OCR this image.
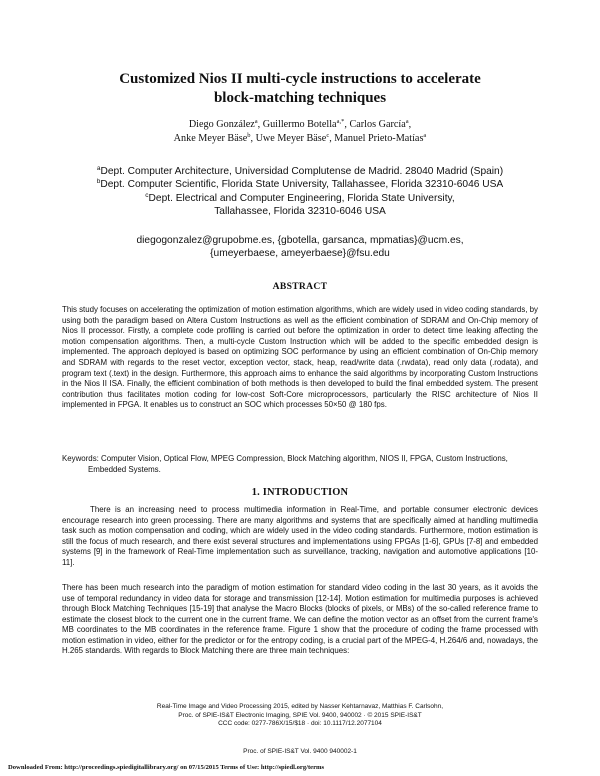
Customized Nios II multi-cycle instructions to accelerate
block-matching techniques
Diego González$^a$, Guillermo Botella$^{a,*}$, Carlos García$^a$,
Anke Meyer Bäse$^b$, Uwe Meyer Bäse$^c$, Manuel Prieto-Matías$^a$
$^a$Dept. Computer Architecture, Universidad Complutense de Madrid. 28040 Madrid (Spain)
$^b$Dept. Computer Scientific, Florida State University, Tallahassee, Florida 32310-6046 USA
$^c$Dept. Electrical and Computer Engineering, Florida State University,
Tallahassee, Florida 32310-6046 USA
diegogonzalez@grupobme.es, {gbotella, garsanca, mpmatias}@ucm.es,
{umeyerbaese, ameyerbaese}@fsu.edu
ABSTRACT
This study focuses on accelerating the optimization of motion estimation algorithms, which are widely used in video coding standards, by using both the paradigm based on Altera Custom Instructions as well as the efficient combination of SDRAM and On-Chip memory of Nios II processor. Firstly, a complete code profiling is carried out before the optimization in order to detect time leaking affecting the motion compensation algorithms. Then, a multi-cycle Custom Instruction which will be added to the specific embedded design is implemented. The approach deployed is based on optimizing SOC performance by using an efficient combination of On-Chip memory and SDRAM with regards to the reset vector, exception vector, stack, heap, read/write data (.rwdata), read only data (.rodata), and program text (.text) in the design. Furthermore, this approach aims to enhance the said algorithms by incorporating Custom Instructions in the Nios II ISA. Finally, the efficient combination of both methods is then developed to build the final embedded system. The present contribution thus facilitates motion coding for low-cost Soft-Core microprocessors, particularly the RISC architecture of Nios II implemented in FPGA. It enables us to construct an SOC which processes 50×50 @ 180 fps.
Keywords: Computer Vision, Optical Flow, MPEG Compression, Block Matching algorithm, NIOS II, FPGA, Custom Instructions, Embedded Systems.
1. INTRODUCTION
There is an increasing need to process multimedia information in Real-Time, and portable consumer electronic devices encourage research into green processing. There are many algorithms and systems that are specifically aimed at handling multimedia task such as motion compensation and coding, which are widely used in the video coding standards. Furthermore, motion estimation is still the focus of much research, and there exist several structures and implementations using FPGAs [1-6], GPUs [7-8] and embedded systems [9] in the framework of Real-Time implementation such as surveillance, tracking, navigation and automotive applications [10-11].
There has been much research into the paradigm of motion estimation for standard video coding in the last 30 years, as it avoids the use of temporal redundancy in video data for storage and transmission [12-14]. Motion estimation for multimedia purposes is achieved through Block Matching Techniques [15-19] that analyse the Macro Blocks (blocks of pixels, or MBs) of the so-called reference frame to estimate the closest block to the current one in the current frame. We can define the motion vector as an offset from the current frame's MB coordinates to the MB coordinates in the reference frame. Figure 1 show that the procedure of coding the frame processed with motion estimation in video, either for the predictor or for the entropy coding, is a crucial part of the MPEG-4, H.264/6 and, nowadays, the H.265 standards. With regards to Block Matching there are three main techniques:
Real-Time Image and Video Processing 2015, edited by Nasser Kehtarnavaz, Matthias F. Carlsohn,
Proc. of SPIE-IS&T Electronic Imaging, SPIE Vol. 9400, 940002 · © 2015 SPIE-IS&T
CCC code: 0277-786X/15/$18 · doi: 10.1117/12.2077104
Proc. of SPIE-IS&T Vol. 9400 940002-1
Downloaded From: http://proceedings.spiedigitallibrary.org/ on 07/15/2015 Terms of Use: http://spiedl.org/terms
